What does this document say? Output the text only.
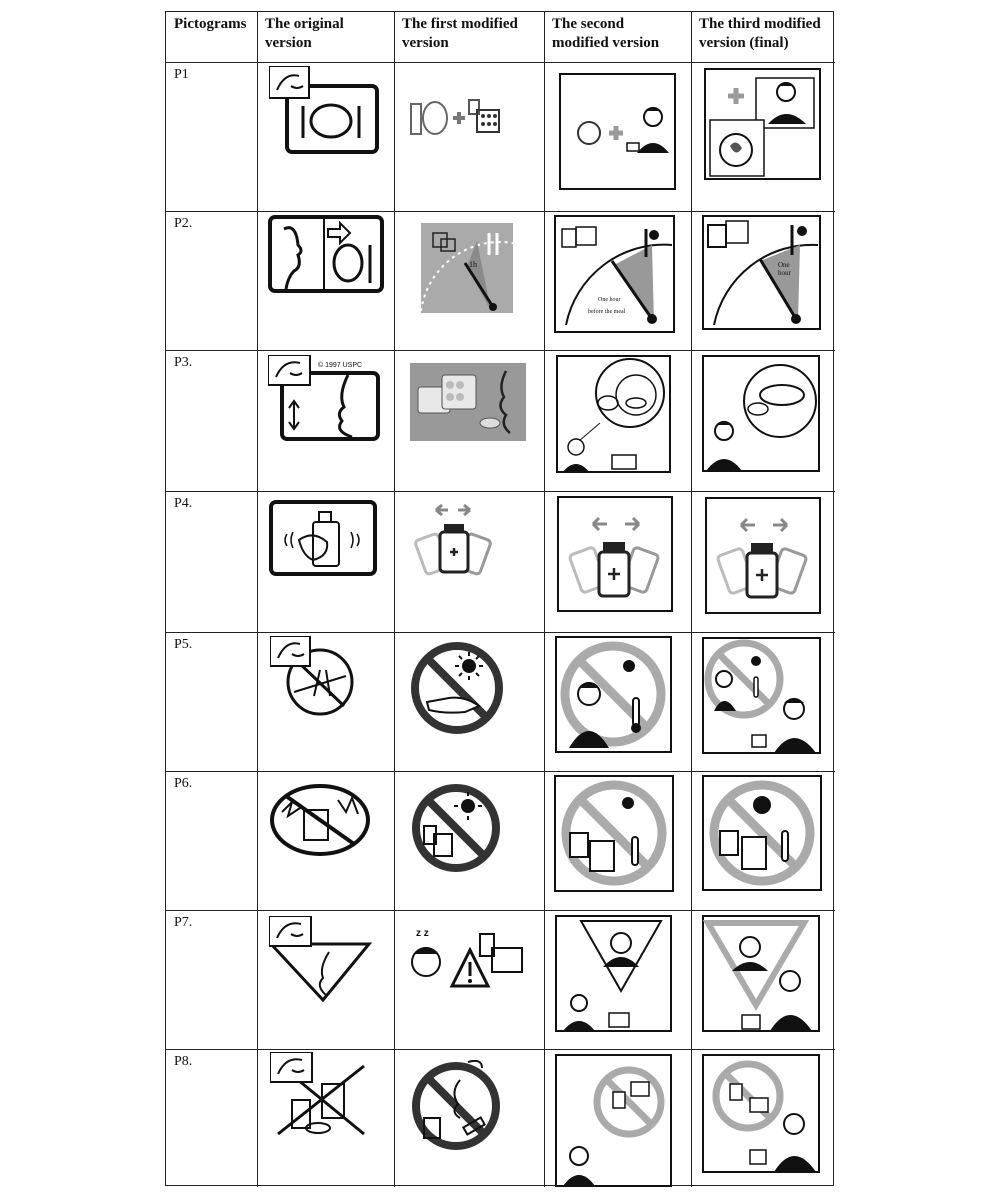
Pictograms	The original version
The first modified version
The second modified version
The third modified version (final)
P1
P2.
P3.
P4.
P5.
P6.
P7.
P8.
1h
One hour
before the meal
One
hour
© 1997 USPC
z z
